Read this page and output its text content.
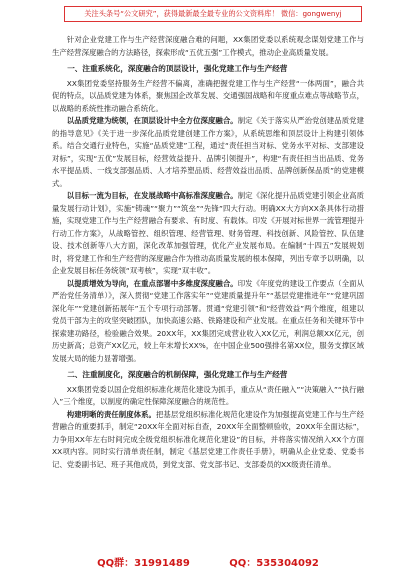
关注头条号“公文研究”，获得最新最全最专业的公文资料库！ 微信：gongwenyj

针对企业党建工作与生产经营深度融合难的问题，XX集团党委以系统观念谋划党建工作与生产经营深度融合的方法路径，探索形成“五优五强”工作模式，推动企业高质量发展。

一、注重系统化，深度融合的顶层设计，强化党建工作与生产经营

XX集团党委坚持服务生产经营不偏离，准确把握党建工作与生产经营“一体两面”，融合共促的特点，以品质党建为体系，聚焦国企改革发展、交通强国战略和年度重点难点等战略节点，以战略的系统性推动融合系统化。

以品质党建为统领，在顶层设计中全方位深度融合。制定《关于落实从严治党创建品质党建的指导意见》《关于进一步深化品质党建创建工作方案》，从系统思维和顶层设计上构建引领体系。结合交通行业特色，实施“品质党建”工程，通过“责任担当对标、党务水平对标、支部建设对标”，实现“五优”发展目标，经营效益提升、品牌引领提升”，构建“有责任担当出品质、党务水平提品质、一线支部强品质、人才培养塑品质、经营效益出品质、品牌创新保品质”的党建模式。

以目标一流为目标，在发展战略中高标准深度融合。制定《深化提升品质党建引领企业高质量发展行动计划》，实施“铸魂”“聚力”“筑垒”“先锋”四大行动。明确XX大方向XX条具体行动措施，实现党建工作与生产经营融合有要求、有时度、有载体。印发《开展对标世界一流管理提升行动工作方案》，从战略管控、组织管理、经营管理、财务管理、科技创新、风险管控、队伍建设、技术创新等八大方面，深化改革加强管理，优化产业发展布局。在编制“十四五”发展规划时，将党建工作和生产经营的深度融合作为推动高质量发展的根本保障，列出专章予以明确，以企业发展目标任务统领“双考核”，实现“双丰收”。

以提质增效为导向，在重点部署中多维度深度融合。印发《年度党的建设工作要点（全面从严治党任务清单）》，深入贯彻“党建工作落实年”“党建质量提升年”“基层党建推进年”“党建巩固深化年”“党建创新拓展年”五个专项行动部署。贯通“党建引领”和“经营效益”两个维度，组建以党员干部为主的攻坚突破团队，加快高速公路、铁路建设和产业发展。在重点任务和关键环节中探索建功路径，检验融合效果。20XX年，XX集团完成营业收入XX亿元，利润总额XX亿元，创历史新高；总资产XX亿元，较上年末增长XX%，在中国企业500强排名第XX位，服务支撑区域发展大局的能力显著增强。

二、注重制度化，深度融合的机制保障，强化党建工作与生产经营

XX集团党委以国企党组织标准化规范化建设为抓手，重点从“责任融入”“决策融入”“执行融入”三个维度，以制度的确定性保障深度融合的规范性。

构建明晰的责任制度体系。把基层党组织标准化规范化建设作为加强提高党建工作与生产经营融合的重要抓手，制定“20XX年全面对标自查，20XX年全面整顿验收，20XX年全面达标”，力争用XX年左右时间完成全级党组织标准化规范化建设”的目标，并将落实情况纳入XX个方面XX项内容。同时实行清单责任制，制定《基层党建工作责任手册》，明确从企业党委、党委书记、党委副书记、班子其他成员，到党支部、党支部书记、支部委员的XX级责任清单。

QQ群：31991489	QQ：535304092
